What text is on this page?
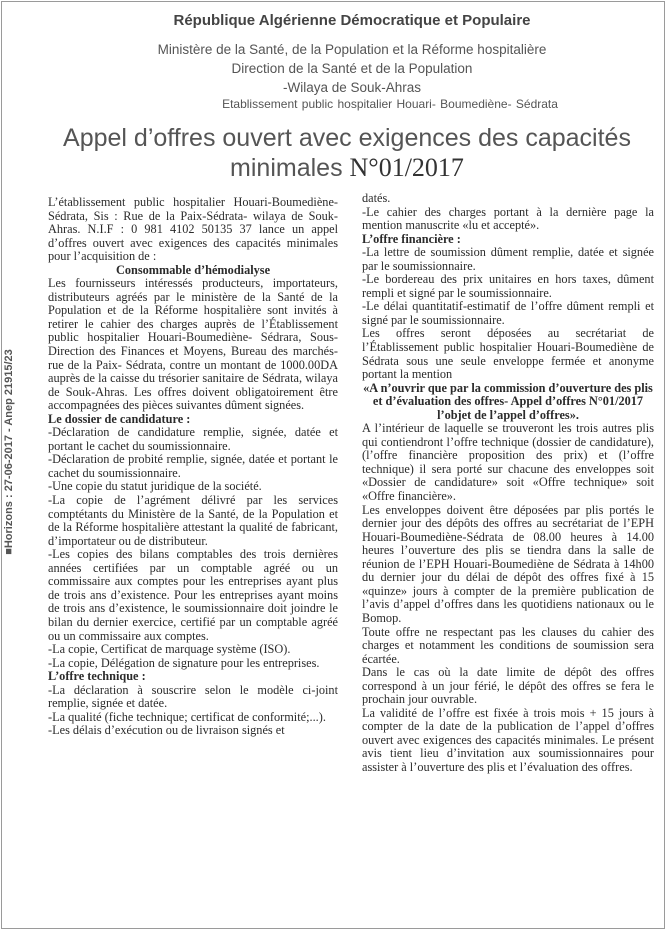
■Horizons : 27-06-2017 - Anep 21915/23
République Algérienne Démocratique et Populaire
Ministère de la Santé, de la Population et la Réforme hospitalière
Direction de la Santé et de la Population
-Wilaya de Souk-Ahras
Etablissement public hospitalier Houari- Boumediène- Sédrata
Appel d’offres ouvert avec exigences des capacités
minimales N°01/2017

L’établissement public hospitalier Houari-Boumediène- Sédrata, Sis : Rue de la Paix-Sédrata- wilaya de Souk-Ahras. N.I.F : 0 981 4102 50135 37 lance un appel d’offres ouvert avec exigences des capacités minimales pour l’acquisition de :

Consommable d’hémodialyse

Les fournisseurs intéressés producteurs, importateurs, distributeurs agréés par le ministère de la Santé de la Population et de la Réforme hospitalière sont invités à retirer le cahier des charges auprès de l’Établissement public hospitalier Houari-Boumediène- Sédrara, Sous-Direction des Finances et Moyens, Bureau des marchés- rue de la Paix- Sédrata, contre un montant de 1000.00DA auprès de la caisse du trésorier sanitaire de Sédrata, wilaya de Souk-Ahras. Les offres doivent obligatoirement être accompagnées des pièces suivantes dûment signées.

Le dossier de candidature :

-Déclaration de candidature remplie, signée, datée et portant le cachet du soumissionnaire.

-Déclaration de probité remplie, signée, datée et portant le cachet du soumissionnaire.

-Une copie du statut juridique de la société.

-La copie de l’agrément délivré par les services comptétants du Ministère de la Santé, de la Population et de la Réforme hospitalière attestant la qualité de fabricant, d’importateur ou de distributeur.

-Les copies des bilans comptables des trois dernières années certifiées par un comptable agréé ou un commissaire aux comptes pour les entreprises ayant plus de trois ans d’existence. Pour les entreprises ayant moins de trois ans d’existence, le soumissionnaire doit joindre le bilan du dernier exercice, certifié par un comptable agréé ou un commissaire aux comptes.

-La copie, Certificat de marquage système (ISO).

-La copie, Délégation de signature pour les entreprises.

L’offre technique :

-La déclaration à souscrire selon le modèle ci-joint remplie, signée et datée.

-La qualité (fiche technique; certificat de conformité;...).

-Les délais d’exécution ou de livraison signés et

datés.

-Le cahier des charges portant à la dernière page la mention manuscrite «lu et accepté».

L’offre financière :

-La lettre de soumission dûment remplie, datée et signée par le soumissionnaire.

-Le bordereau des prix unitaires en hors taxes, dûment rempli et signé par le soumissionnaire.

-Le délai quantitatif-estimatif de l’offre dûment rempli et signé par le soumissionnaire.

Les offres seront déposées au secrétariat de l’Établissement public hospitalier Houari-Boumediène de Sédrata sous une seule enveloppe fermée et anonyme portant la mention

«A n’ouvrir que par la commission d’ouverture des plis et d’évaluation des offres- Appel d’offres N°01/2017 l’objet de l’appel d’offres».

A l’intérieur de laquelle se trouveront les trois autres plis qui contiendront l’offre technique (dossier de candidature), (l’offre financière proposition des prix) et (l’offre technique) il sera porté sur chacune des enveloppes soit «Dossier de candidature» soit «Offre technique» soit «Offre financière».

Les enveloppes doivent être déposées par plis portés le dernier jour des dépôts des offres au secrétariat de l’EPH Houari-Boumediène-Sédrata de 08.00 heures à 14.00 heures l’ouverture des plis se tiendra dans la salle de réunion de l’EPH Houari-Boumediène de Sédrata à 14h00 du dernier jour du délai de dépôt des offres fixé à 15 «quinze» jours à compter de la première publication de l’avis d’appel d’offres dans les quotidiens nationaux ou le Bomop.

Toute offre ne respectant pas les clauses du cahier des charges et notamment les conditions de soumission sera écartée.

Dans le cas où la date limite de dépôt des offres correspond à un jour férié, le dépôt des offres se fera le prochain jour ouvrable.

La validité de l’offre est fixée à trois mois + 15 jours à compter de la date de la publication de l’appel d’offres ouvert avec exigences des capacités minimales. Le présent avis tient lieu d’invitation aux soumissionnaires pour assister à l’ouverture des plis et l’évaluation des offres.
